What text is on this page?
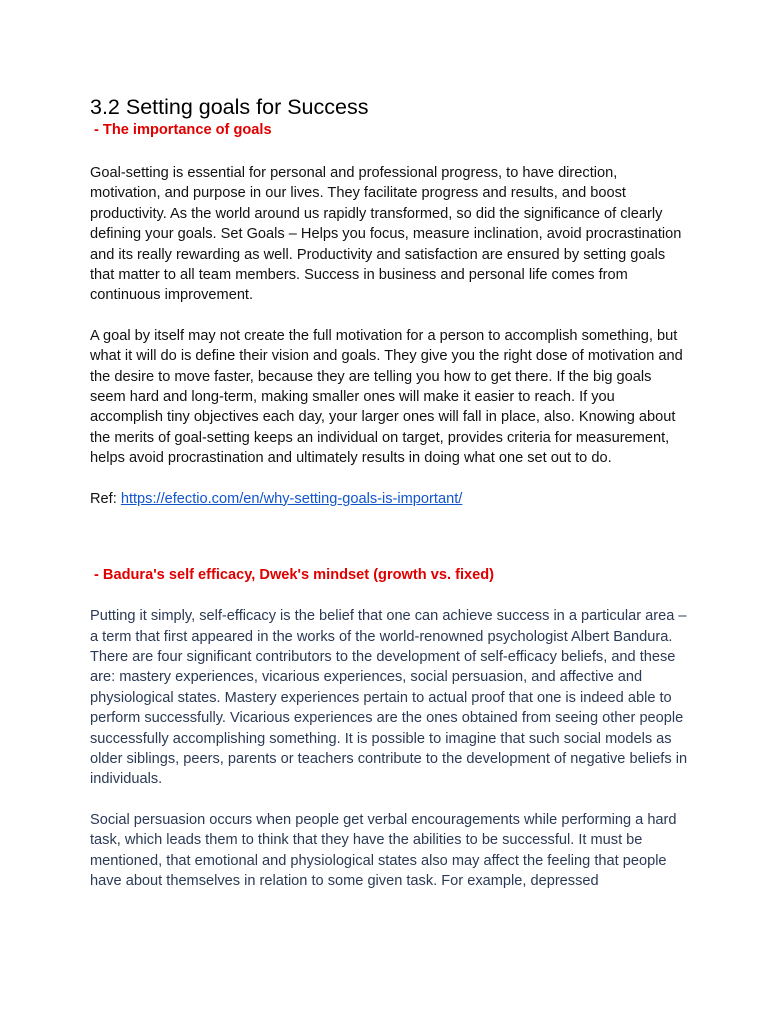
3.2 Setting goals for Success

- The importance of goals

Goal-setting is essential for personal and professional progress, to have direction, motivation, and purpose in our lives. They facilitate progress and results, and boost productivity. As the world around us rapidly transformed, so did the significance of clearly defining your goals. Set Goals – Helps you focus, measure inclination, avoid procrastination and its really rewarding as well. Productivity and satisfaction are ensured by setting goals that matter to all team members. Success in business and personal life comes from continuous improvement.

A goal by itself may not create the full motivation for a person to accomplish something, but what it will do is define their vision and goals. They give you the right dose of motivation and the desire to move faster, because they are telling you how to get there. If the big goals seem hard and long-term, making smaller ones will make it easier to reach. If you accomplish tiny objectives each day, your larger ones will fall in place, also. Knowing about the merits of goal-setting keeps an individual on target, provides criteria for measurement, helps avoid procrastination and ultimately results in doing what one set out to do.

Ref: https://efectio.com/en/why-setting-goals-is-important/

- Badura's self efficacy, Dwek's mindset (growth vs. fixed)

Putting it simply, self-efficacy is the belief that one can achieve success in a particular area – a term that first appeared in the works of the world-renowned psychologist Albert Bandura. There are four significant contributors to the development of self-efficacy beliefs, and these are: mastery experiences, vicarious experiences, social persuasion, and affective and physiological states. Mastery experiences pertain to actual proof that one is indeed able to perform successfully. Vicarious experiences are the ones obtained from seeing other people successfully accomplishing something. It is possible to imagine that such social models as older siblings, peers, parents or teachers contribute to the development of negative beliefs in individuals.

Social persuasion occurs when people get verbal encouragements while performing a hard task, which leads them to think that they have the abilities to be successful. It must be mentioned, that emotional and physiological states also may affect the feeling that people have about themselves in relation to some given task. For example, depressed
